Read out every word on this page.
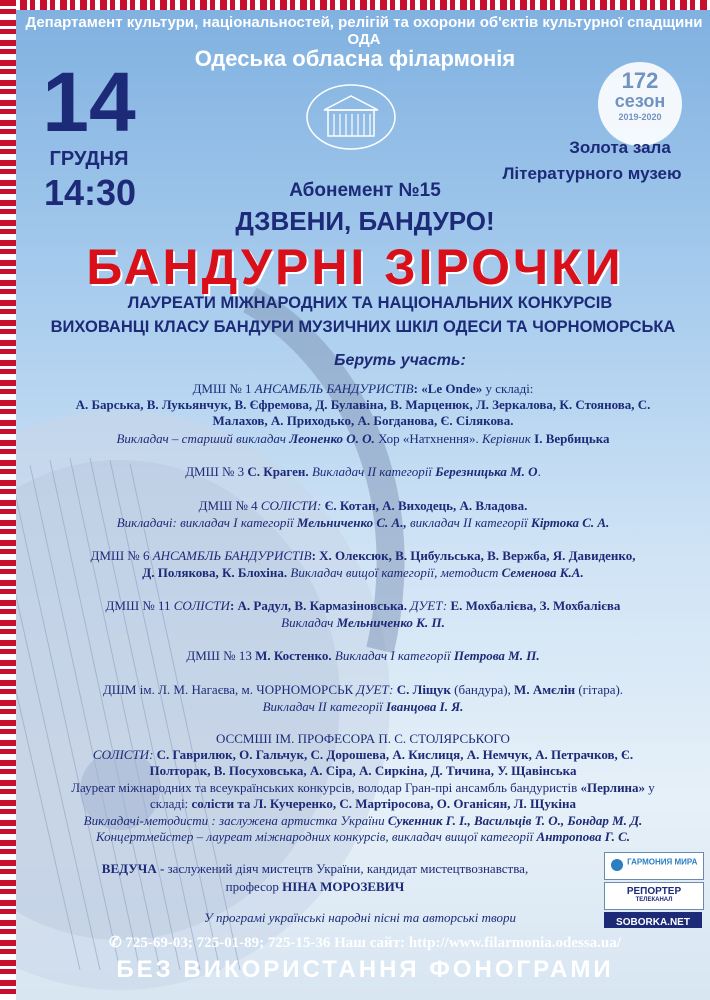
Департамент культури, національностей, релігій та охорони об'єктів культурної спадщини ОДА
Одеська обласна філармонія
14
ГРУДНЯ
14:30
172
сезон
2019-2020
Золота зала
Літературного музею
Абонемент №15
ДЗВЕНИ, БАНДУРО!
БАНДУРНІ ЗІРОЧКИ
ЛАУРЕАТИ МІЖНАРОДНИХ ТА НАЦІОНАЛЬНИХ КОНКУРСІВ
ВИХОВАНЦІ КЛАСУ БАНДУРИ МУЗИЧНИХ ШКІЛ ОДЕСИ ТА ЧОРНОМОРСЬКА
Беруть участь:
ДМШ № 1 АНСАМБЛЬ БАНДУРИСТІВ: «Le Onde» у складі:
А. Барська, В. Лукьянчук, В. Єфремова, Д. Булавіна, В. Марценюк, Л. Зеркалова, К. Стоянова, С.
Малахов, А. Приходько, А. Богданова, Є. Сілякова.
Викладач – старший викладач Леоненко О. О. Хор «Натхнення». Керівник І. Вербицька
ДМШ № 3 С. Краген. Викладач ІІ категорії Березницька М. О.
ДМШ № 4 СОЛІСТИ: Є. Котан, А. Виходець, А. Владова.
Викладачі: викладач І категорії Мельниченко С. А., викладач ІІ категорії Кіртока С. А.
ДМШ № 6 АНСАМБЛЬ БАНДУРИСТІВ: Х. Олексюк, В. Цибульська, В. Вержба, Я. Давиденко,
Д. Полякова, К. Блохіна. Викладач вищої категорії, методист Семенова К.А.
ДМШ № 11 СОЛІСТИ: А. Радул, В. Кармазіновська. ДУЕТ: Е. Мохбалієва, З. Мохбалієва
Викладач Мельниченко К. П.
ДМШ № 13 М. Костенко. Викладач І категорії Петрова М. П.
ДШМ ім. Л. М. Нагаєва, м. ЧОРНОМОРСЬК ДУЕТ: С. Ліщук (бандура), М. Амєлін (гітара).
Викладач ІІ категорії Іванцова І. Я.
ОССМШІ ІМ. ПРОФЕСОРА П. С. СТОЛЯРСЬКОГО
СОЛІСТИ: С. Гаврилюк, О. Гальчук, С. Дорошева, А. Кислиця, А. Немчук, А. Петрачков, Є.
Полторак, В. Посуховська, А. Сіра, А. Сиркіна, Д. Тичина, У. Щавінська
Лауреат міжнародних та всеукраїнських конкурсів, володар Гран-прі ансамбль бандуристів «Перлина» у
складі: солісти та Л. Кучеренко, С. Мартіросова, О. Оганісян, Л. Щукіна
Викладачі-методисти : заслужена артистка України Сукенник Г. І., Васильців Т. О., Бондар М. Д.
Концертмейстер – лауреат міжнародних конкурсів, викладач вищої категорії Антропова Г. С.
ВЕДУЧА - заслужений діяч мистецтв України, кандидат мистецтвознавства,
професор НІНА МОРОЗЕВИЧ
У програмі українські народні пісні та авторські твори
✆ 725-69-03; 725-01-89; 725-15-36 Наш сайт: http://www.filarmonia.odessa.ua/
БЕЗ ВИКОРИСТАННЯ ФОНОГРАМИ
ГАРМОНИЯ МИРА
РЕПОРТЕР
ТЕЛЕКАНАЛ
SOBORKA.NET
